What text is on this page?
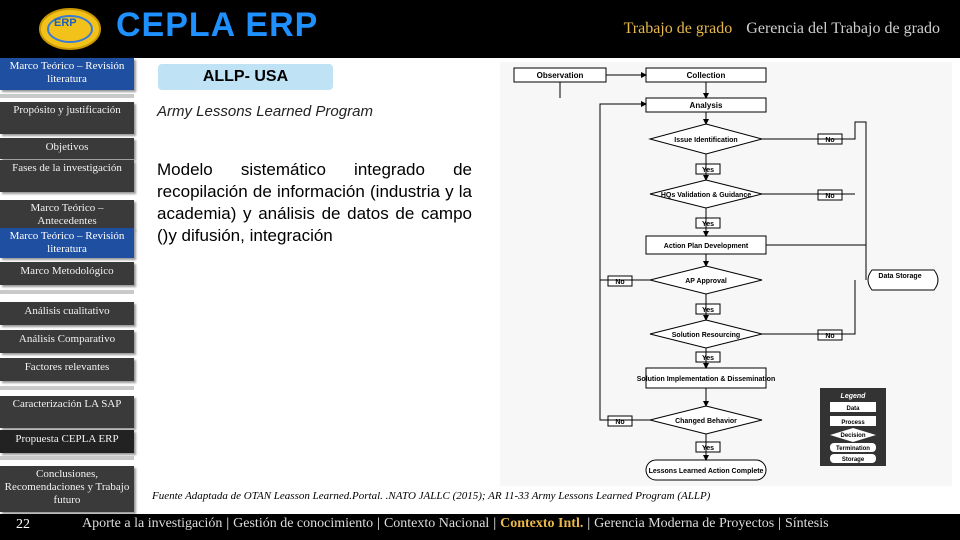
ERP CEPLA ERP	Trabajo de grado Gerencia del Trabajo de grado
Marco Teórico – Revisión literatura
Propósito y justificación
Objetivos
Fases de la investigación
Marco Teórico – Antecedentes
Marco Teórico – Revisión literatura
Marco Metodológico
Análisis cualitativo
Análisis Comparativo
Factores relevantes
Caracterización LA SAP
Propuesta CEPLA ERP
Conclusiones, Recomendaciones y Trabajo futuro
ALLP- USA
Army Lessons Learned Program
Modelo sistemático integrado de recopilación de información (industria y la academia) y análisis de datos de campo ()y difusión, integración
Observation	Collection
Analysis
Issue Identification
Yes
HQs Validation & Guidance
Yes
Action Plan Development
AP Approval
Yes
Solution Resourcing
Yes
Solution Implementation & Dissemination
Changed Behavior
Yes
Lessons Learned Action Complete
No
No
No
No
No
Data Storage
Legend
Data
Process
Decision
Termination
Storage
Fuente Adaptada de OTAN Leasson Learned.Portal. .NATO JALLC (2015); AR 11-33 Army Lessons Learned Program (ALLP)
22	Aporte a la investigación | Gestión de conocimiento | Contexto Nacional | Contexto Intl. | Gerencia Moderna de Proyectos | Síntesis
